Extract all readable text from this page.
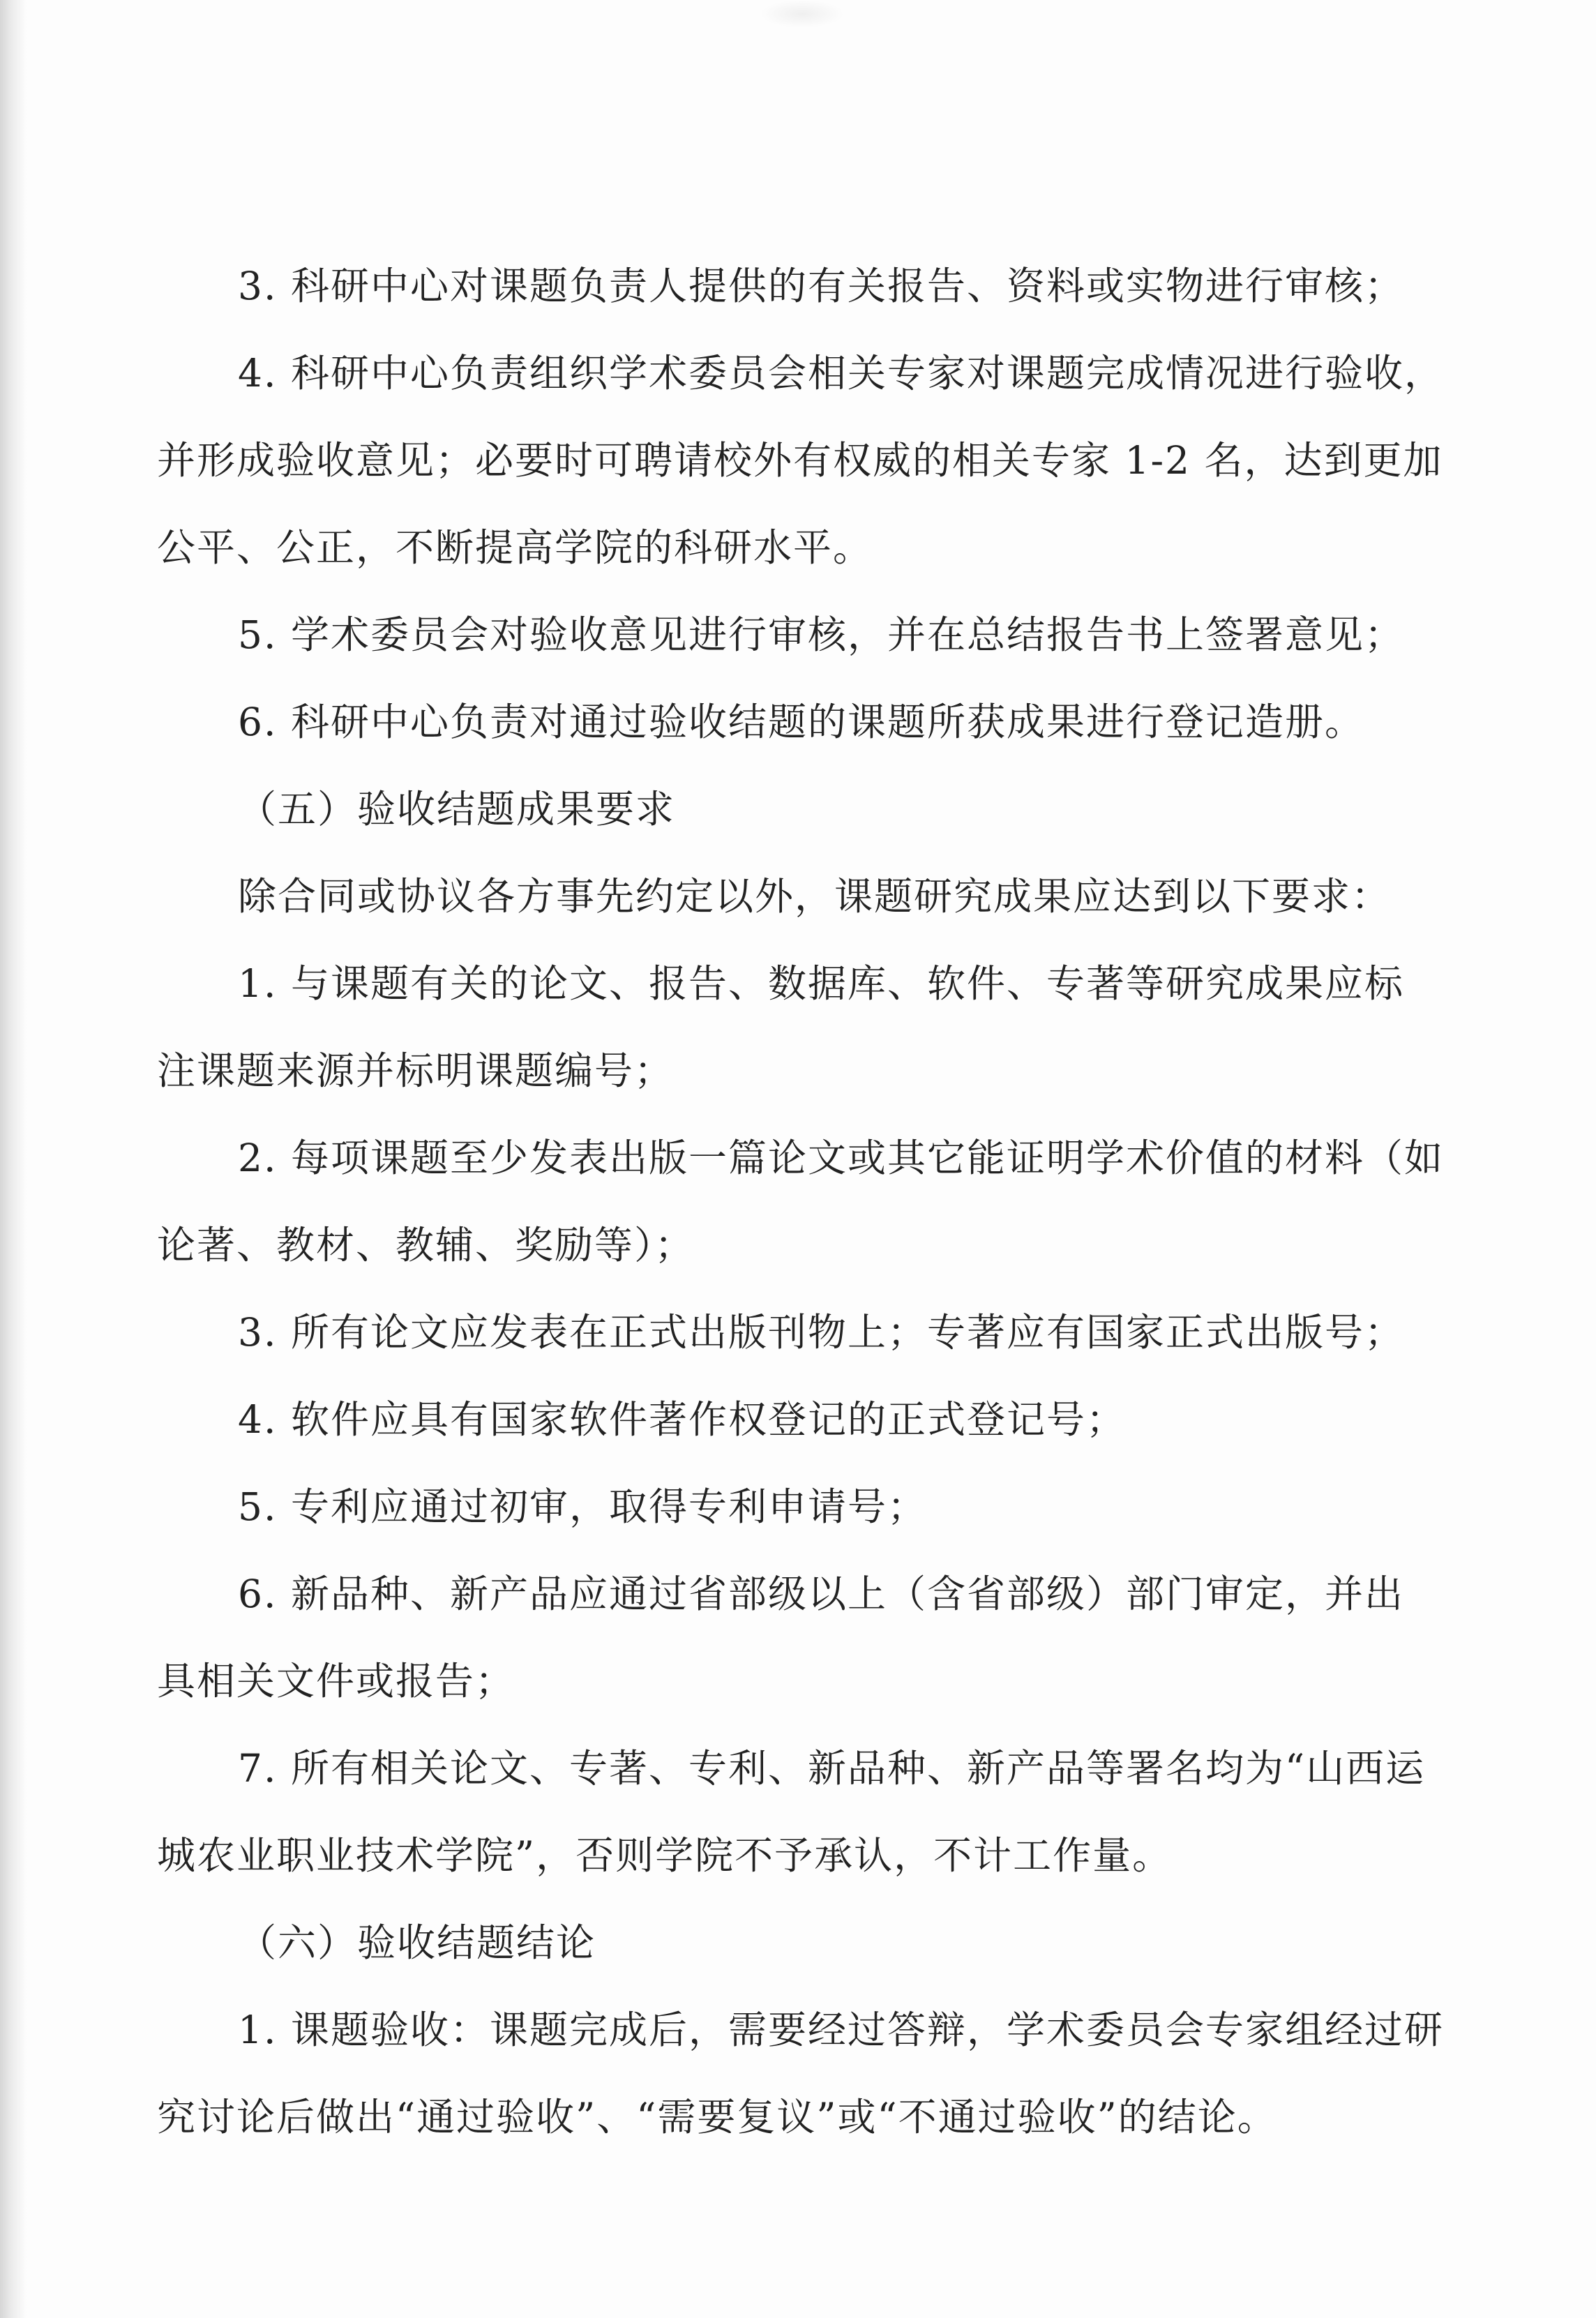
3. 科研中心对课题负责人提供的有关报告、资料或实物进行审核；
4. 科研中心负责组织学术委员会相关专家对课题完成情况进行验收，
并形成验收意见；必要时可聘请校外有权威的相关专家 1-2 名，达到更加
公平、公正，不断提高学院的科研水平。
5. 学术委员会对验收意见进行审核，并在总结报告书上签署意见；
6. 科研中心负责对通过验收结题的课题所获成果进行登记造册。
（五）验收结题成果要求
除合同或协议各方事先约定以外，课题研究成果应达到以下要求：
1. 与课题有关的论文、报告、数据库、软件、专著等研究成果应标
注课题来源并标明课题编号；
2. 每项课题至少发表出版一篇论文或其它能证明学术价值的材料（如
论著、教材、教辅、奖励等）；
3. 所有论文应发表在正式出版刊物上；专著应有国家正式出版号；
4. 软件应具有国家软件著作权登记的正式登记号；
5. 专利应通过初审，取得专利申请号；
6. 新品种、新产品应通过省部级以上（含省部级）部门审定，并出
具相关文件或报告；
7. 所有相关论文、专著、专利、新品种、新产品等署名均为“山西运
城农业职业技术学院”，否则学院不予承认，不计工作量。
（六）验收结题结论
1. 课题验收：课题完成后，需要经过答辩，学术委员会专家组经过研
究讨论后做出“通过验收”、“需要复议”或“不通过验收”的结论。
